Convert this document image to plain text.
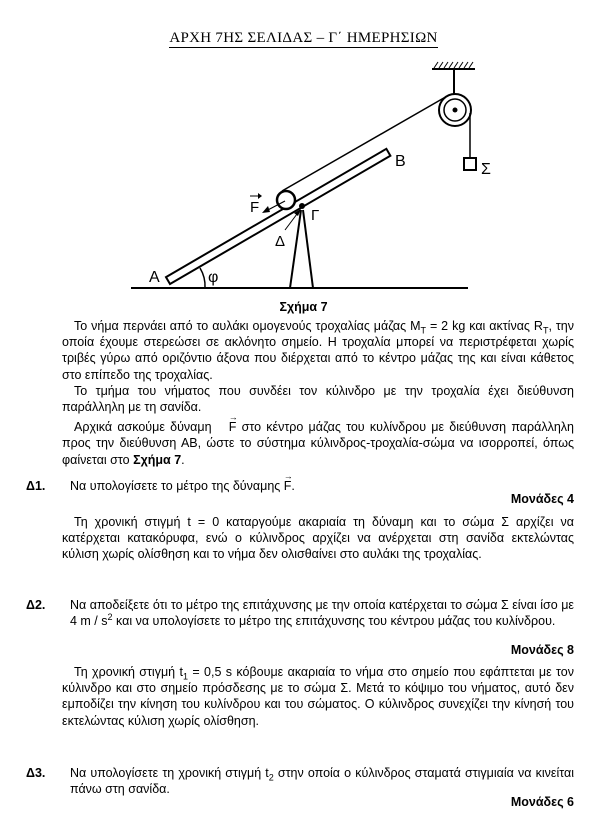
ΑΡΧΗ 7ΗΣ ΣΕΛΙΔΑΣ – Γ΄ ΗΜΕΡΗΣΙΩΝ
B
F	Γ
Δ
A	φ
Σ
Σχήμα 7

Το νήμα περνάει από το αυλάκι ομογενούς τροχαλίας μάζας $M_T = 2$ kg και ακτίνας $R_T$, την οποία έχουμε στερεώσει σε ακλόνητο σημείο. Η τροχαλία μπορεί να περιστρέφεται χωρίς τριβές γύρω από οριζόντιο άξονα που διέρχεται από το κέντρο μάζας της και είναι κάθετος στο επίπεδο της τροχαλίας.

Το τμήμα του νήματος που συνδέει τον κύλινδρο με την τροχαλία έχει διεύθυνση παράλληλη με τη σανίδα.

Αρχικά ασκούμε δύναμη → F στο κέντρο μάζας του κυλίνδρου με διεύθυνση παράλληλη προς την διεύθυνση ΑΒ, ώστε το σύστημα κύλινδρος-τροχαλία-σώμα να ισορροπεί, όπως φαίνεται στο Σχήμα 7.

Δ1. Να υπολογίσετε το μέτρο της δύναμης → F.
Μονάδες 4

Τη χρονική στιγμή t = 0 καταργούμε ακαριαία τη δύναμη και το σώμα Σ αρχίζει να κατέρχεται κατακόρυφα, ενώ ο κύλινδρος αρχίζει να ανέρχεται στη σανίδα εκτελώντας κύλιση χωρίς ολίσθηση και το νήμα δεν ολισθαίνει στο αυλάκι της τροχαλίας.

Δ2. Να αποδείξετε ότι το μέτρο της επιτάχυνσης με την οποία κατέρχεται το σώμα Σ είναι ίσο με 4 m / $s^2$ και να υπολογίσετε το μέτρο της επιτάχυνσης του κέντρου μάζας του κυλίνδρου.
Μονάδες 8

Τη χρονική στιγμή $t_1 = 0,5$ s κόβουμε ακαριαία το νήμα στο σημείο που εφάπτεται με τον κύλινδρο και στο σημείο πρόσδεσης με το σώμα Σ. Μετά το κόψιμο του νήματος, αυτό δεν εμποδίζει την κίνηση του κυλίνδρου και του σώματος. Ο κύλινδρος συνεχίζει την κίνησή του εκτελώντας κύλιση χωρίς ολίσθηση.

Δ3. Να υπολογίσετε τη χρονική στιγμή $t_2$ στην οποία ο κύλινδρος σταματά στιγμιαία να κινείται πάνω στη σανίδα.
Μονάδες 6
